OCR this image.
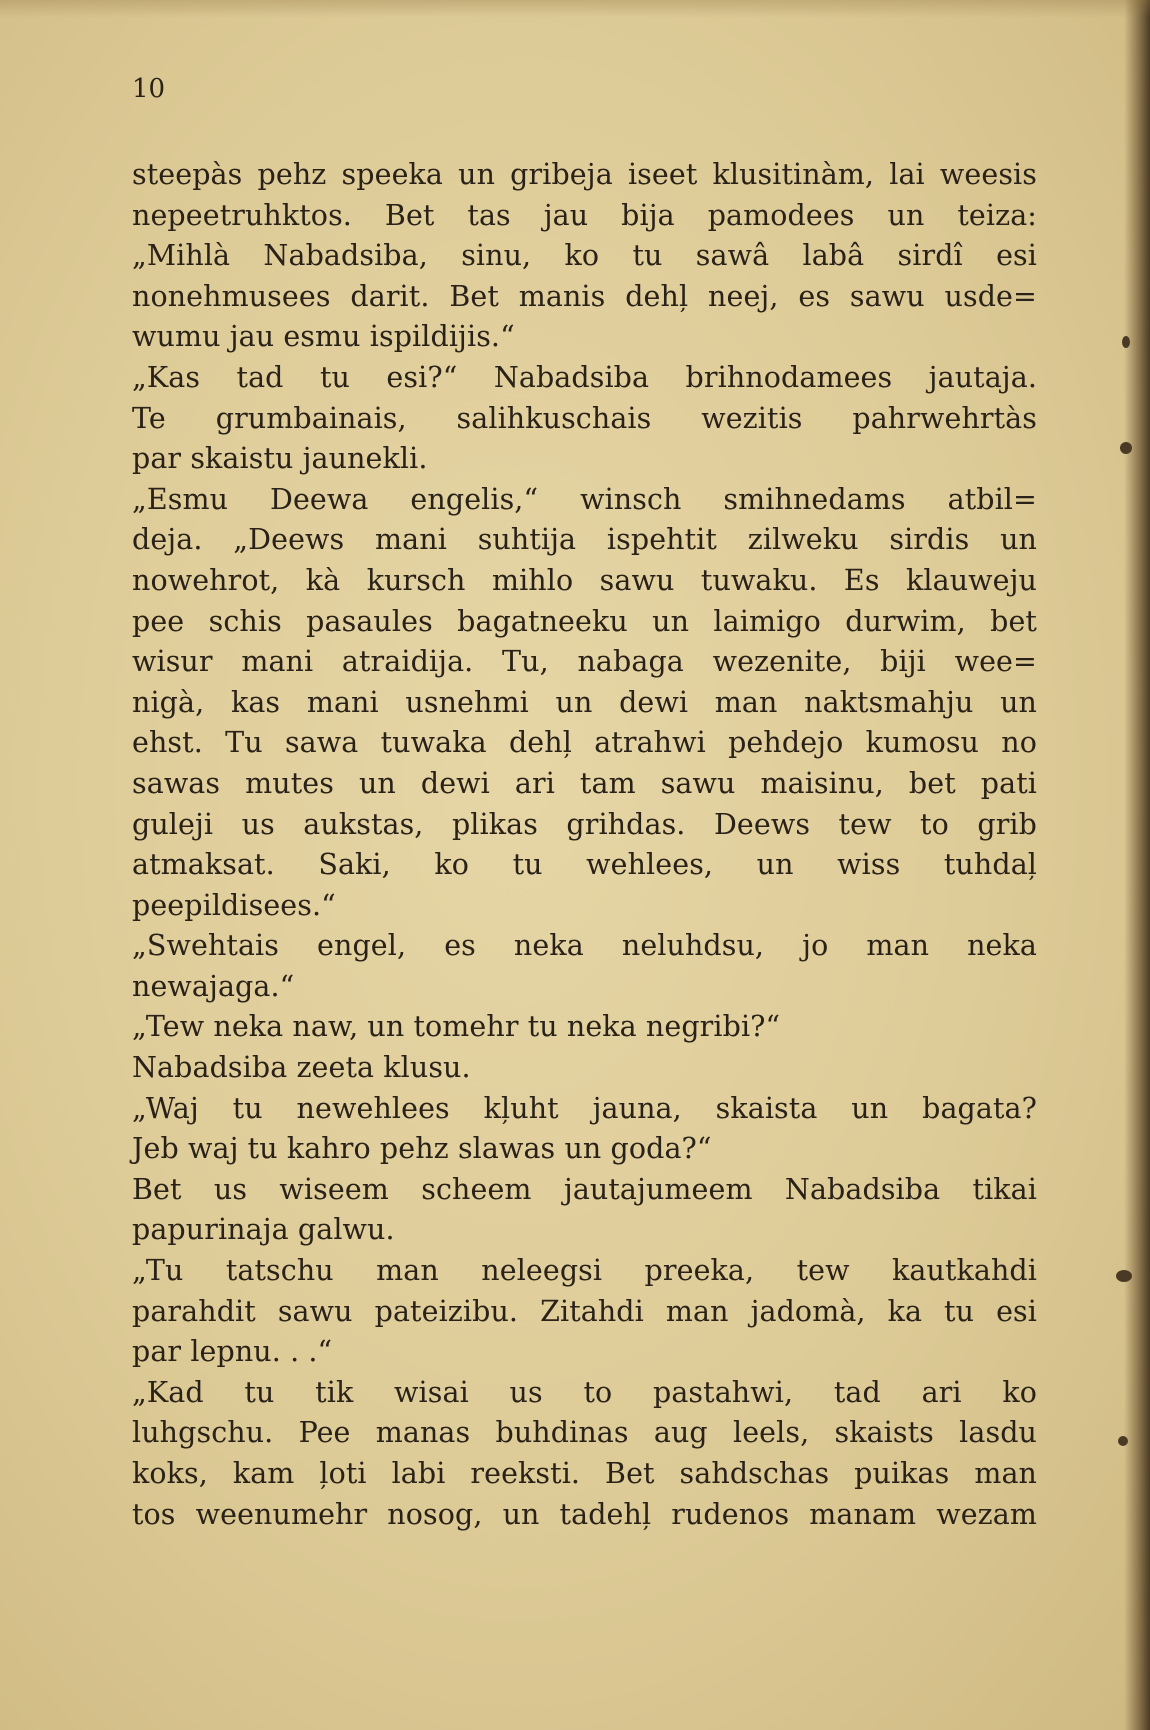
10
steepàs pehz speeka un gribeja iseet klusitinàm, lai weesis
nepeetruhktos. Bet tas jau bija pamodees un teiza:
„Mihlà Nabadsiba, sinu, ko tu sawâ labâ sirdî esi
nonehmusees darit. Bet manis dehļ neej, es sawu usde=
wumu jau esmu ispildijis.“
„Kas tad tu esi?“ Nabadsiba brihnodamees jautaja.
Te grumbainais, salihkuschais wezitis pahrwehrtàs
par skaistu jaunekli.
„Esmu Deewa engelis,“ winsch smihnedams atbil=
deja. „Deews mani suhtija ispehtit zilweku sirdis un
nowehrot, kà kursch mihlo sawu tuwaku. Es klauweju
pee schis pasaules bagatneeku un laimigo durwim, bet
wisur mani atraidija. Tu, nabaga wezenite, biji wee=
nigà, kas mani usnehmi un dewi man naktsmahju un
ehst. Tu sawa tuwaka dehļ atrahwi pehdejo kumosu no
sawas mutes un dewi ari tam sawu maisinu, bet pati
guleji us aukstas, plikas grihdas. Deews tew to grib
atmaksat. Saki, ko tu wehlees, un wiss tuhdaļ
peepildisees.“
„Swehtais engel, es neka neluhdsu, jo man neka
newajaga.“
„Tew neka naw, un tomehr tu neka negribi?“
Nabadsiba zeeta klusu.
„Waj tu newehlees kļuht jauna, skaista un bagata?
Jeb waj tu kahro pehz slawas un goda?“
Bet us wiseem scheem jautajumeem Nabadsiba tikai
papurinaja galwu.
„Tu tatschu man neleegsi preeka, tew kautkahdi
parahdit sawu pateizibu. Zitahdi man jadomà, ka tu esi
par lepnu. . .“
„Kad tu tik wisai us to pastahwi, tad ari ko
luhgschu. Pee manas buhdinas aug leels, skaists lasdu
koks, kam ļoti labi reeksti. Bet sahdschas puikas man
tos weenumehr nosog, un tadehļ rudenos manam wezam
